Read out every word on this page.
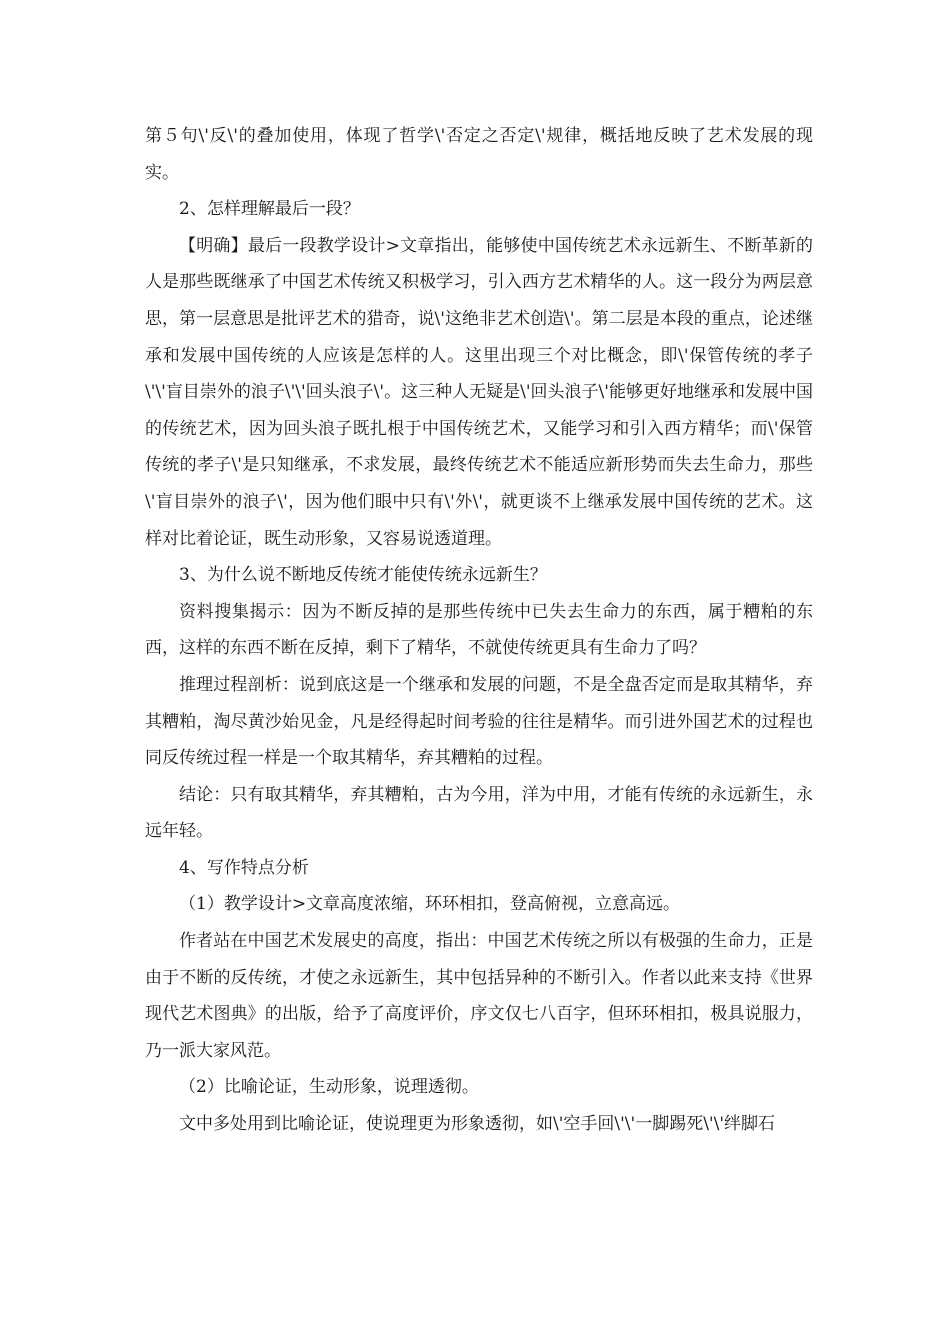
第５句\'反\'的叠加使用，体现了哲学\'否定之否定\'规律，概括地反映了艺术发展的现实。

2、怎样理解最后一段？

【明确】最后一段教学设计>文章指出，能够使中国传统艺术永远新生、不断革新的人是那些既继承了中国艺术传统又积极学习，引入西方艺术精华的人。这一段分为两层意思，第一层意思是批评艺术的猎奇，说\'这绝非艺术创造\'。第二层是本段的重点，论述继承和发展中国传统的人应该是怎样的人。这里出现三个对比概念，即\'保管传统的孝子\'\'盲目崇外的浪子\'\'回头浪子\'。这三种人无疑是\'回头浪子\'能够更好地继承和发展中国的传统艺术，因为回头浪子既扎根于中国传统艺术，又能学习和引入西方精华；而\'保管传统的孝子\'是只知继承，不求发展，最终传统艺术不能适应新形势而失去生命力，那些\'盲目崇外的浪子\'，因为他们眼中只有\'外\'，就更谈不上继承发展中国传统的艺术。这样对比着论证，既生动形象，又容易说透道理。

3、为什么说不断地反传统才能使传统永远新生？

资料搜集揭示：因为不断反掉的是那些传统中已失去生命力的东西，属于糟粕的东西，这样的东西不断在反掉，剩下了精华，不就使传统更具有生命力了吗？

推理过程剖析：说到底这是一个继承和发展的问题，不是全盘否定而是取其精华，弃其糟粕，淘尽黄沙始见金，凡是经得起时间考验的往往是精华。而引进外国艺术的过程也同反传统过程一样是一个取其精华，弃其糟粕的过程。

结论：只有取其精华，弃其糟粕，古为今用，洋为中用，才能有传统的永远新生，永远年轻。

4、写作特点分析

（1）教学设计>文章高度浓缩，环环相扣，登高俯视，立意高远。

作者站在中国艺术发展史的高度，指出：中国艺术传统之所以有极强的生命力，正是由于不断的反传统，才使之永远新生，其中包括异种的不断引入。作者以此来支持《世界现代艺术图典》的出版，给予了高度评价，序文仅七八百字，但环环相扣，极具说服力，乃一派大家风范。

（2）比喻论证，生动形象，说理透彻。

文中多处用到比喻论证，使说理更为形象透彻，如\'空手回\'\'一脚踢死\'\'绊脚石
